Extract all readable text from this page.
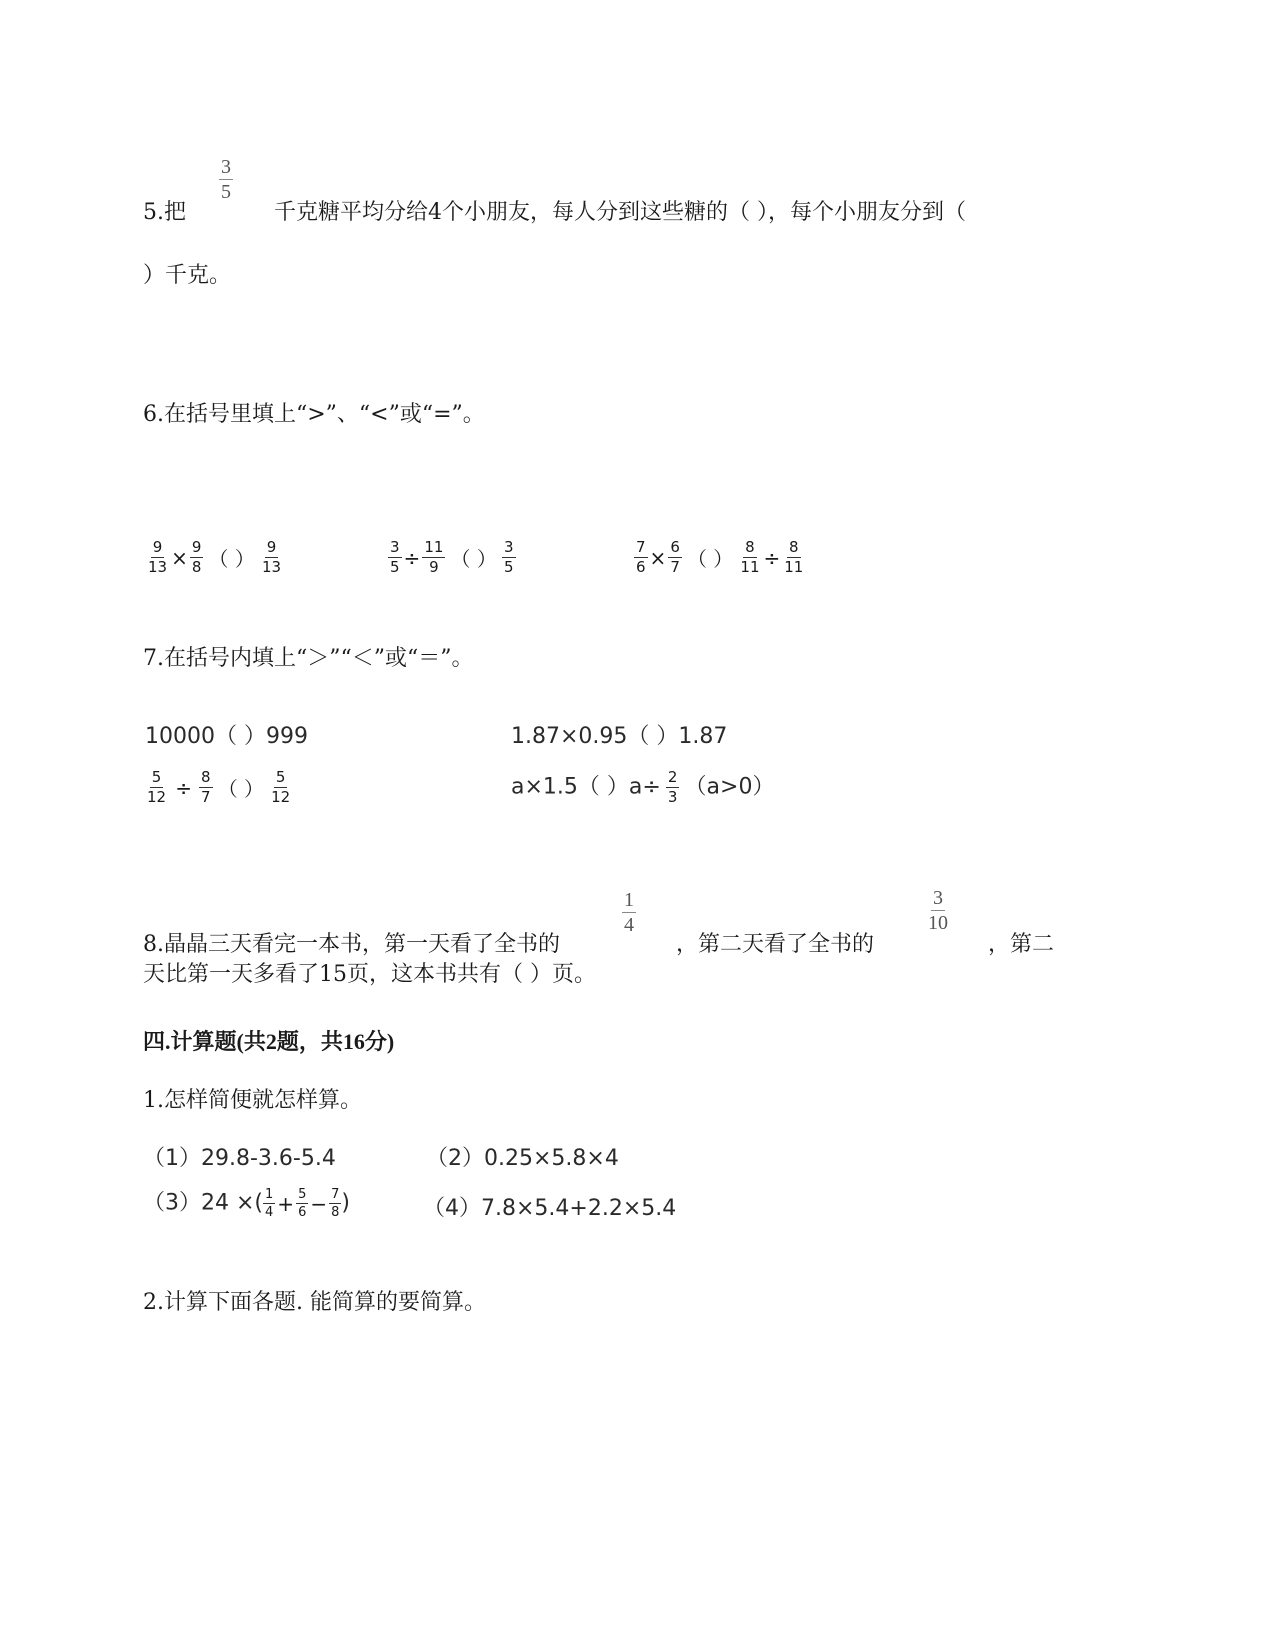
5.把
$\frac{3}{5}$
千克糖平均分给4个小朋友，每人分到这些糖的（ ），每个小朋友分到（
）千克。
6.在括号里填上“>”、“<”或“=”。
$\frac{9}{13} \times \frac{9}{8}$ （ ） $\frac{9}{13}$	$\frac{3}{5} \div \frac{11}{9}$ （ ） $\frac{3}{5}$	$\frac{7}{6} \times \frac{6}{7}$ （ ） $\frac{8}{11} \div \frac{8}{11}$
7.在括号内填上“＞”“＜”或“＝”。
10000（ ）999	1.87×0.95（ ）1.87
$\frac{5}{12} \div \frac{8}{7}$ （ ） $\frac{5}{12}$	a×1.5（ ）$a\div \frac{2}{3} (a>0)$
8.晶晶三天看完一本书，第一天看了全书的
$\frac{1}{4}$
，第二天看了全书的
$\frac{3}{10}$
，第二
天比第一天多看了15页，这本书共有（ ）页。
四.计算题(共2题，共16分)
1.怎样简便就怎样算。
（1）29.8-3.6-5.4	（2）0.25×5.8×4
（3）24 ×( $\frac{1}{4} + \frac{5}{6} - \frac{7}{8}$ )	（4）7.8×5.4+2.2×5.4
2.计算下面各题. 能简算的要简算。
